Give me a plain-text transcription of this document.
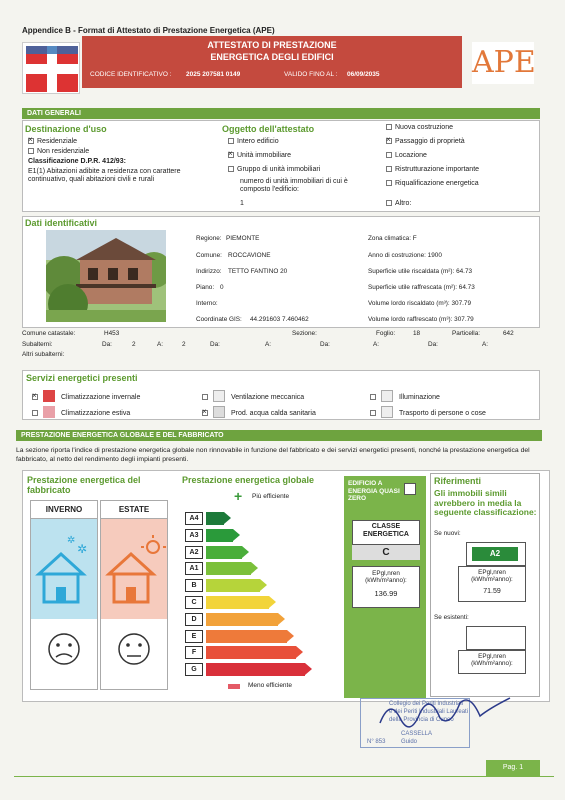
Appendice B - Format di Attestato di Prestazione Energetica (APE)
ATTESTATO DI PRESTAZIONE
ENERGETICA DEGLI EDIFICI
CODICE IDENTIFICATIVO : 2025 207581 0149	VALIDO FINO AL : 06/09/2035	APE
DATI GENERALI
Destinazione d'uso
×Residenziale
Non residenziale
Classificazione D.P.R. 412/93:
E1(1) Abitazioni adibite a residenza con carattere continuativo, quali abitazioni civili e rurali
Oggetto dell'attestato
Intero edificio
×Unità immobiliare
Gruppo di unità immobiliari
numero di unità immobiliari di cui è composto l'edificio:
1
Nuova costruzione
×Passaggio di proprietà
Locazione
Ristrutturazione importante
Riqualificazione energetica
Altro:
Dati identificativi
Regione: PIEMONTE
Comune: ROCCAVIONE
Indirizzo: TETTO FANTINO 20
Piano: 0
Interno:
Coordinate GIS: 44.291603 7.460462
Zona climatica: F
Anno di costruzione: 1900
Superficie utile riscaldata (m²): 64.73
Superficie utile raffrescata (m²): 64.73
Volume lordo riscaldato (m³): 307.79
Volume lordo raffrescato (m³): 307.79
Comune catastale:	H453	Sezione:	Foglio:	18	Particella:	642
Subalterni:	Da:	2	A:	2	Da:	A:	Da:	A:	Da:	A:
Altri subalterni:
Servizi energetici presenti
×Climatizzazione invernale
Climatizzazione estiva
Ventilazione meccanica
×Prod. acqua calda sanitaria
Illuminazione
Trasporto di persone o cose
PRESTAZIONE ENERGETICA GLOBALE E DEL FABBRICATO
La sezione riporta l'indice di prestazione energetica globale non rinnovabile in funzione del fabbricato e dei servizi energetici presenti, nonché la prestazione energetica del fabbricato, al netto del rendimento degli impianti presenti.
Prestazione energetica del fabbricato
INVERNO
✲
✲
ESTATE
Prestazione energetica globale
+ Più efficiente
A4
A3
A2
A1
B
C
D
E
F
G
Meno efficiente
EDIFICIO A ENERGIA QUASI ZERO
CLASSE ENERGETICA
C
EPgl,nren (kWh/m²anno):
136.99
Riferimenti
Gli immobili simili avrebbero in media la seguente classificazione:
Se nuovi:
A2
EPgl,nren (kWh/m²anno):
71.59
Se esistenti:
EPgl,nren (kWh/m²anno):
Collegio dei Periti Industriali
e dei Periti Industriali Laureati
della Provincia di Cuneo
CASSELLA
Guido
N° 853
Pag. 1
